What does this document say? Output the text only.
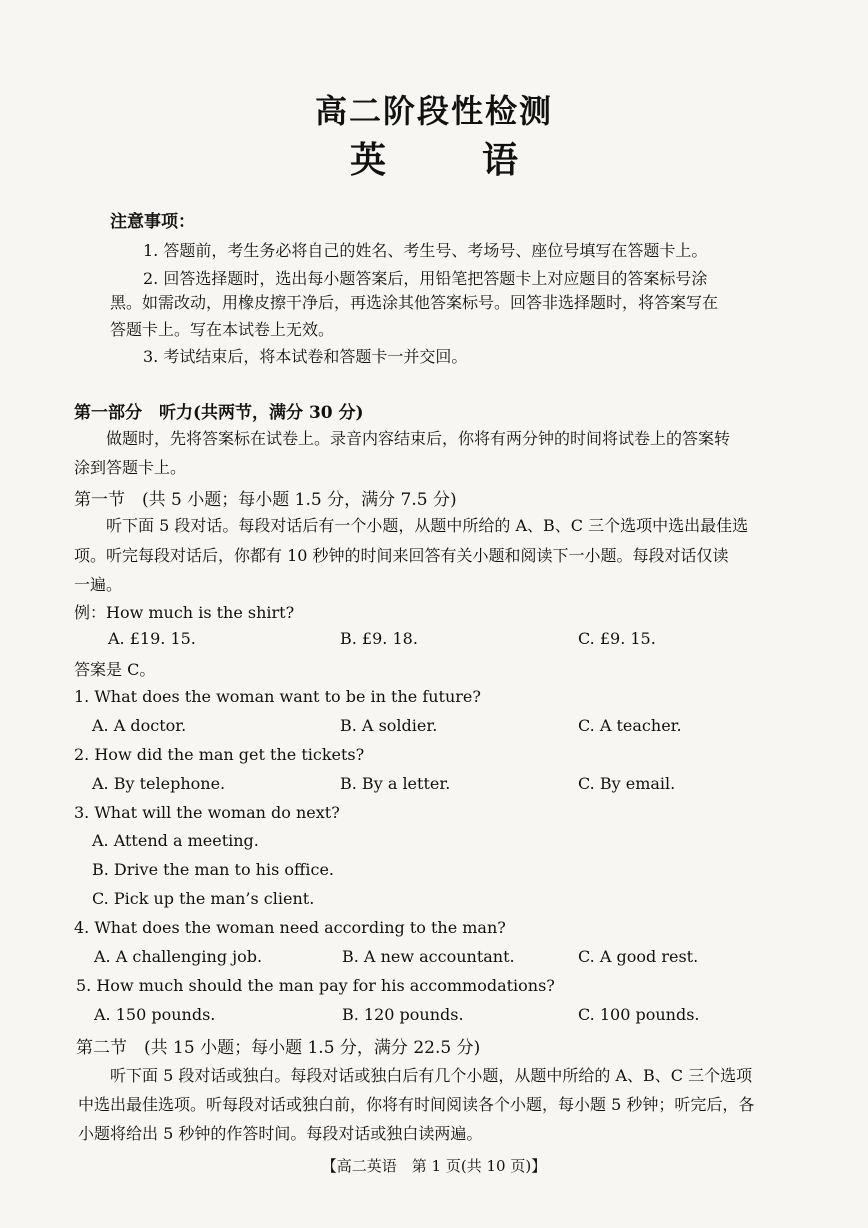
高二阶段性检测
英	语
注意事项：
1. 答题前，考生务必将自己的姓名、考生号、考场号、座位号填写在答题卡上。
2. 回答选择题时，选出每小题答案后，用铅笔把答题卡上对应题目的答案标号涂
黑。如需改动，用橡皮擦干净后，再选涂其他答案标号。回答非选择题时，将答案写在
答题卡上。写在本试卷上无效。
3. 考试结束后，将本试卷和答题卡一并交回。
第一部分　听力(共两节，满分 30 分)
做题时，先将答案标在试卷上。录音内容结束后，你将有两分钟的时间将试卷上的答案转
涂到答题卡上。
第一节　(共 5 小题；每小题 1.5 分，满分 7.5 分)
听下面 5 段对话。每段对话后有一个小题，从题中所给的 A、B、C 三个选项中选出最佳选
项。听完每段对话后，你都有 10 秒钟的时间来回答有关小题和阅读下一小题。每段对话仅读
一遍。
例：How much is the shirt?
A. £19. 15.	B. £9. 18.	C. £9. 15.
答案是 C。
1. What does the woman want to be in the future?
A. A doctor.	B. A soldier.	C. A teacher.
2. How did the man get the tickets?
A. By telephone.	B. By a letter.	C. By email.
3. What will the woman do next?
A. Attend a meeting.
B. Drive the man to his office.
C. Pick up the man’s client.
4. What does the woman need according to the man?
A. A challenging job.	B. A new accountant.	C. A good rest.
5. How much should the man pay for his accommodations?
A. 150 pounds.	B. 120 pounds.	C. 100 pounds.
第二节　(共 15 小题；每小题 1.5 分，满分 22.5 分)
听下面 5 段对话或独白。每段对话或独白后有几个小题，从题中所给的 A、B、C 三个选项
中选出最佳选项。听每段对话或独白前，你将有时间阅读各个小题，每小题 5 秒钟；听完后，各
小题将给出 5 秒钟的作答时间。每段对话或独白读两遍。
【高二英语　第 1 页(共 10 页)】
